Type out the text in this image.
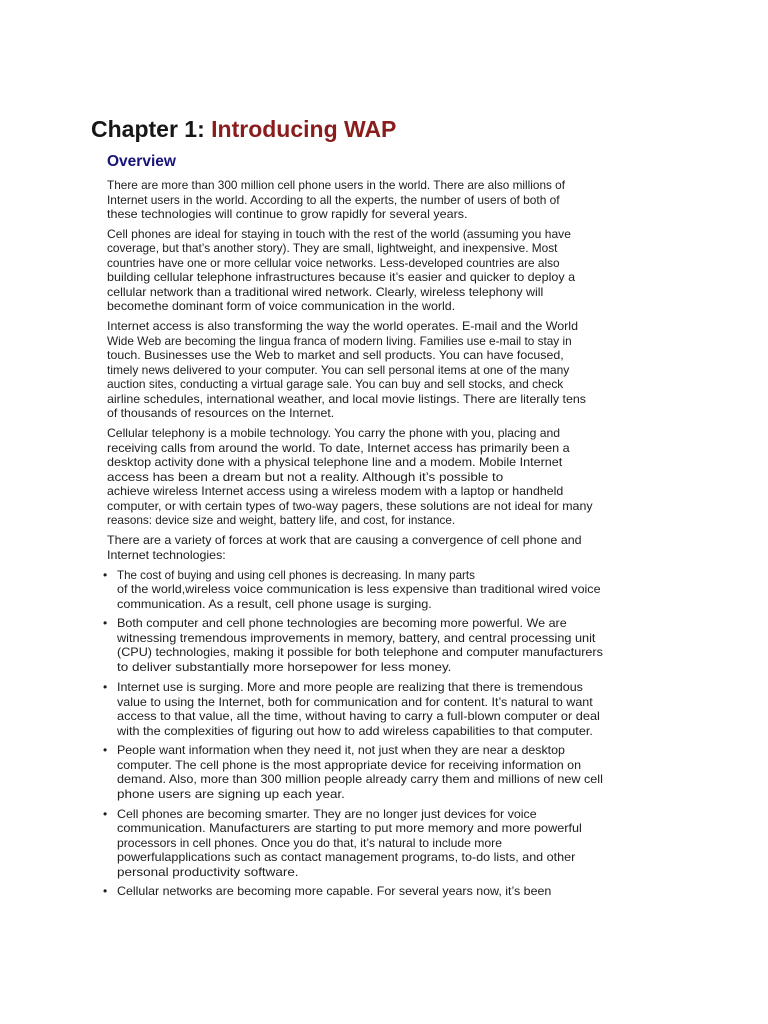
Chapter 1: Introducing WAP
Overview
There are more than 300 million cell phone users in the world. There are also millions of
Internet users in the world. According to all the experts, the number of users of both of
these technologies will continue to grow rapidly for several years.
Cell phones are ideal for staying in touch with the rest of the world (assuming you have
coverage, but that’s another story). They are small, lightweight, and inexpensive. Most
countries have one or more cellular voice networks. Less-developed countries are also
building cellular telephone infrastructures because it’s easier and quicker to deploy a
cellular network than a traditional wired network. Clearly, wireless telephony will
becomethe dominant form of voice communication in the world.
Internet access is also transforming the way the world operates. E-mail and the World
Wide Web are becoming the lingua franca of modern living. Families use e-mail to stay in
touch. Businesses use the Web to market and sell products. You can have focused,
timely news delivered to your computer. You can sell personal items at one of the many
auction sites, conducting a virtual garage sale. You can buy and sell stocks, and check
airline schedules, international weather, and local movie listings. There are literally tens
of thousands of resources on the Internet.
Cellular telephony is a mobile technology. You carry the phone with you, placing and
receiving calls from around the world. To date, Internet access has primarily been a
desktop activity done with a physical telephone line and a modem. Mobile Internet
access has been a dream but not a reality. Although it’s possible to
achieve wireless Internet access using a wireless modem with a laptop or handheld
computer, or with certain types of two-way pagers, these solutions are not ideal for many
reasons: device size and weight, battery life, and cost, for instance.
There are a variety of forces at work that are causing a convergence of cell phone and
Internet technologies:
• The cost of buying and using cell phones is decreasing. In many parts
of the world,wireless voice communication is less expensive than traditional wired voice
communication. As a result, cell phone usage is surging.
• Both computer and cell phone technologies are becoming more powerful. We are
witnessing tremendous improvements in memory, battery, and central processing unit
(CPU) technologies, making it possible for both telephone and computer manufacturers
to deliver substantially more horsepower for less money.
• Internet use is surging. More and more people are realizing that there is tremendous
value to using the Internet, both for communication and for content. It’s natural to want
access to that value, all the time, without having to carry a full-blown computer or deal
with the complexities of figuring out how to add wireless capabilities to that computer.
• People want information when they need it, not just when they are near a desktop
computer. The cell phone is the most appropriate device for receiving information on
demand. Also, more than 300 million people already carry them and millions of new cell
phone users are signing up each year.
• Cell phones are becoming smarter. They are no longer just devices for voice
communication. Manufacturers are starting to put more memory and more powerful
processors in cell phones. Once you do that, it’s natural to include more
powerfulapplications such as contact management programs, to-do lists, and other
personal productivity software.
• Cellular networks are becoming more capable. For several years now, it’s been
